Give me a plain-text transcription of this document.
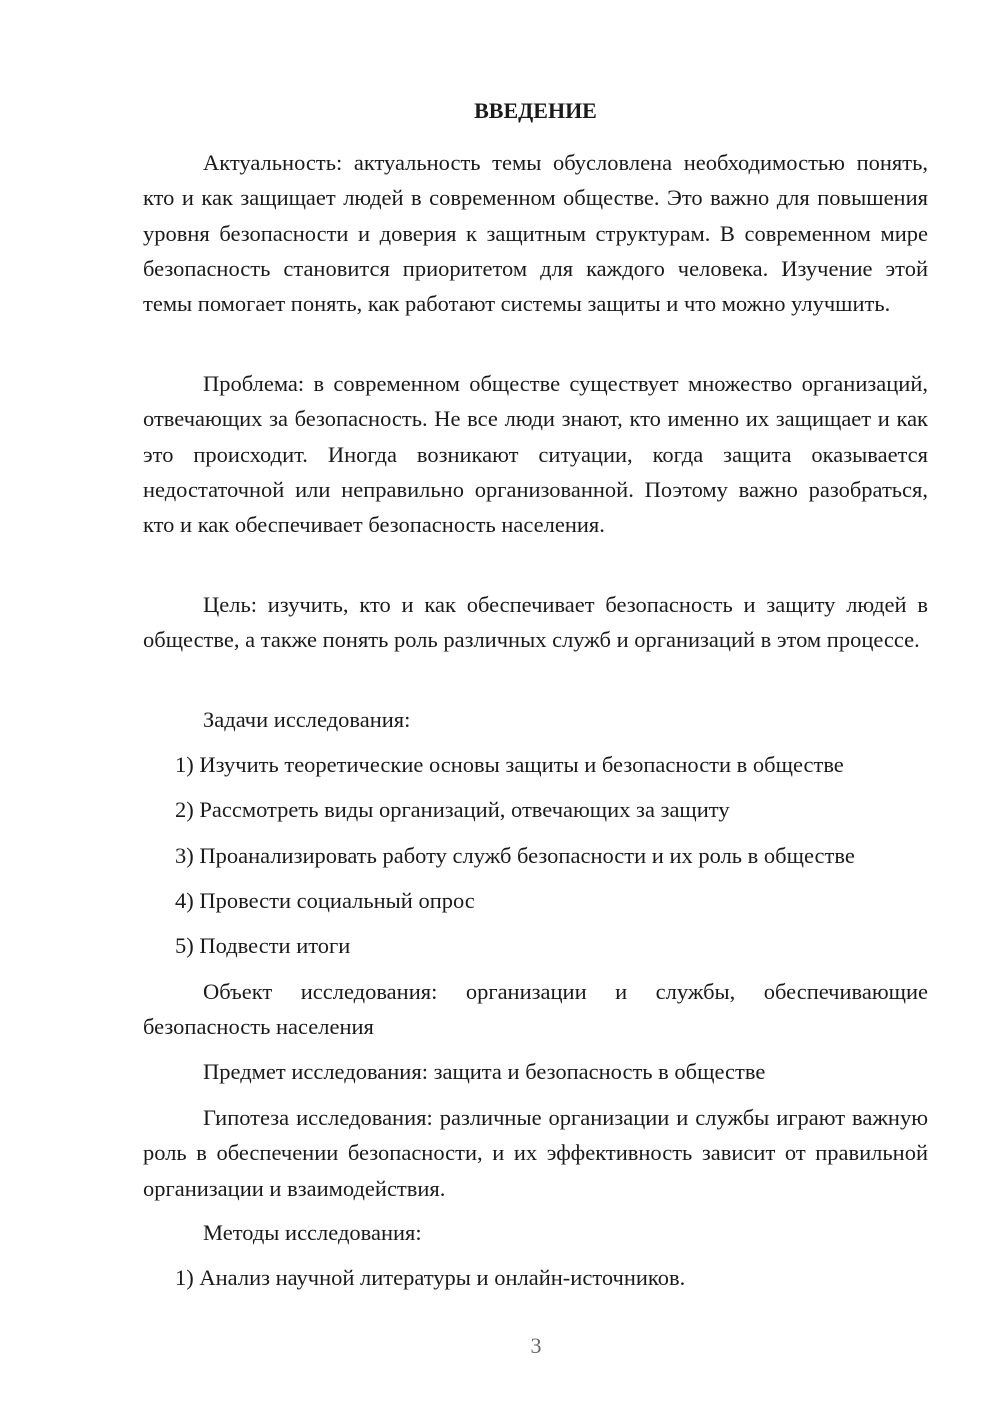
ВВЕДЕНИЕ

Актуальность: актуальность темы обусловлена необходимостью понять, кто и как защищает людей в современном обществе. Это важно для повышения уровня безопасности и доверия к защитным структурам. В современном мире безопасность становится приоритетом для каждого человека. Изучение этой темы помогает понять, как работают системы защиты и что можно улучшить.

Проблема: в современном обществе существует множество организаций, отвечающих за безопасность. Не все люди знают, кто именно их защищает и как это происходит. Иногда возникают ситуации, когда защита оказывается недостаточной или неправильно организованной. Поэтому важно разобраться, кто и как обеспечивает безопасность населения.

Цель: изучить, кто и как обеспечивает безопасность и защиту людей в обществе, а также понять роль различных служб и организаций в этом процессе.

Задачи исследования:

1) Изучить теоретические основы защиты и безопасности в обществе

2) Рассмотреть виды организаций, отвечающих за защиту

3) Проанализировать работу служб безопасности и их роль в обществе

4) Провести социальный опрос

5) Подвести итоги

Объект исследования: организации и службы, обеспечивающие безопасность населения

Предмет исследования: защита и безопасность в обществе

Гипотеза исследования: различные организации и службы играют важную роль в обеспечении безопасности, и их эффективность зависит от правильной организации и взаимодействия.

Методы исследования:

1) Анализ научной литературы и онлайн-источников.

3
